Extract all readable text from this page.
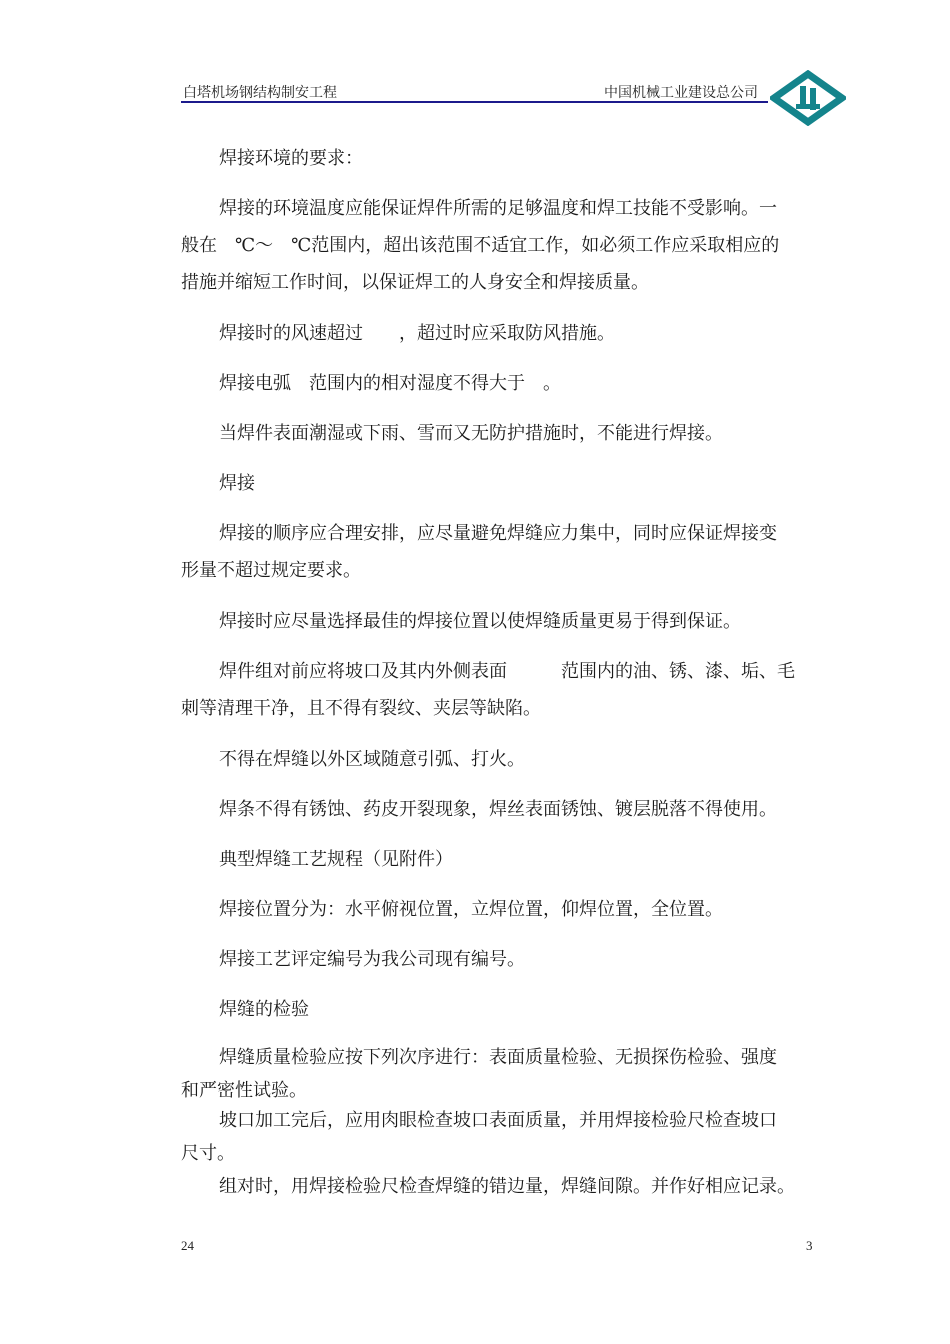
白塔机场钢结构制安工程	中国机械工业建设总公司
焊接环境的要求：
焊接的环境温度应能保证焊件所需的足够温度和焊工技能不受影响。一
般在　℃～　℃范围内，超出该范围不适宜工作，如必须工作应采取相应的
措施并缩短工作时间，以保证焊工的人身安全和焊接质量。
焊接时的风速超过　　，超过时应采取防风措施。
焊接电弧　范围内的相对湿度不得大于　。
当焊件表面潮湿或下雨、雪而又无防护措施时，不能进行焊接。
焊接
焊接的顺序应合理安排，应尽量避免焊缝应力集中，同时应保证焊接变
形量不超过规定要求。
焊接时应尽量选择最佳的焊接位置以使焊缝质量更易于得到保证。
焊件组对前应将坡口及其内外侧表面　　　范围内的油、锈、漆、垢、毛
刺等清理干净，且不得有裂纹、夹层等缺陷。
不得在焊缝以外区域随意引弧、打火。
焊条不得有锈蚀、药皮开裂现象，焊丝表面锈蚀、镀层脱落不得使用。
典型焊缝工艺规程（见附件）
焊接位置分为：水平俯视位置，立焊位置，仰焊位置，全位置。
焊接工艺评定编号为我公司现有编号。
焊缝的检验
焊缝质量检验应按下列次序进行：表面质量检验、无损探伤检验、强度
和严密性试验。
坡口加工完后，应用肉眼检查坡口表面质量，并用焊接检验尺检查坡口
尺寸。
组对时，用焊接检验尺检查焊缝的错边量，焊缝间隙。并作好相应记录。
24	3
